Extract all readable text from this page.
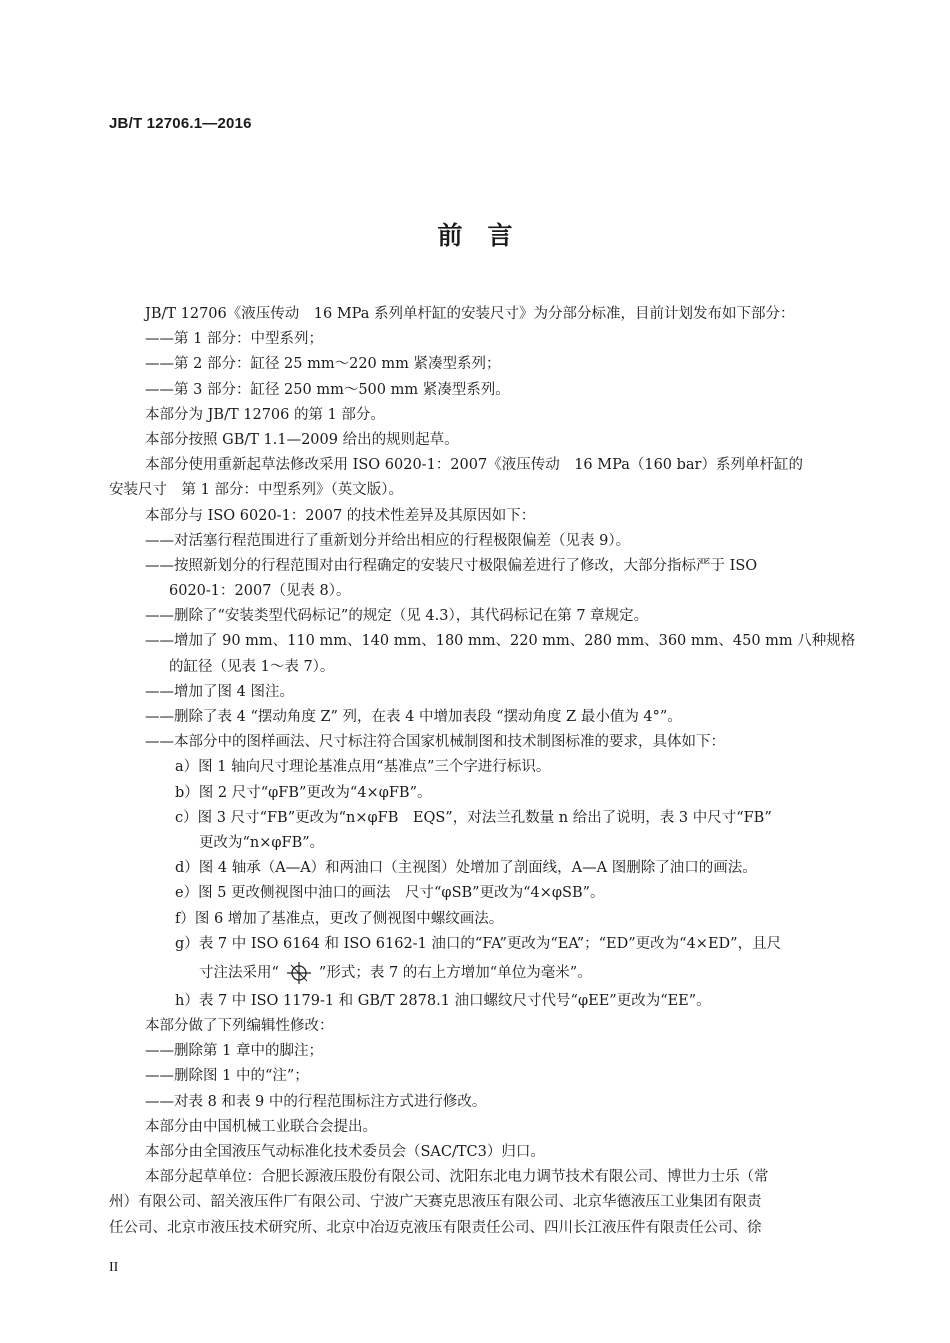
JB/T 12706.1—2016
前　言
JB/T 12706《液压传动　16 MPa 系列单杆缸的安装尺寸》为分部分标准，目前计划发布如下部分：
——第 1 部分：中型系列；
——第 2 部分：缸径 25 mm～220 mm 紧凑型系列；
——第 3 部分：缸径 250 mm～500 mm 紧凑型系列。
本部分为 JB/T 12706 的第 1 部分。
本部分按照 GB/T 1.1—2009 给出的规则起草。
本部分使用重新起草法修改采用 ISO 6020-1：2007《液压传动　16 MPa（160 bar）系列单杆缸的
安装尺寸　第 1 部分：中型系列》（英文版）。
本部分与 ISO 6020-1：2007 的技术性差异及其原因如下：
——对活塞行程范围进行了重新划分并给出相应的行程极限偏差（见表 9）。
——按照新划分的行程范围对由行程确定的安装尺寸极限偏差进行了修改，大部分指标严于 ISO
6020-1：2007（见表 8）。
——删除了“安装类型代码标记”的规定（见 4.3），其代码标记在第 7 章规定。
——增加了 90 mm、110 mm、140 mm、180 mm、220 mm、280 mm、360 mm、450 mm 八种规格
的缸径（见表 1～表 7）。
——增加了图 4 图注。
——删除了表 4 “摆动角度 Z” 列，在表 4 中增加表段 “摆动角度 Z 最小值为 4°”。
——本部分中的图样画法、尺寸标注符合国家机械制图和技术制图标准的要求，具体如下：
a）图 1 轴向尺寸理论基准点用“基准点”三个字进行标识。
b）图 2 尺寸“φFB”更改为“4×φFB”。
c）图 3 尺寸“FB”更改为“n×φFB　EQS”，对法兰孔数量 n 给出了说明，表 3 中尺寸“FB”
更改为“n×φFB”。
d）图 4 轴承（A—A）和两油口（主视图）处增加了剖面线，A—A 图删除了油口的画法。
e）图 5 更改侧视图中油口的画法　尺寸“φSB”更改为“4×φSB”。
f）图 6 增加了基准点，更改了侧视图中螺纹画法。
g）表 7 中 ISO 6164 和 ISO 6162-1 油口的“FA”更改为“EA”；“ED”更改为“4×ED”，且尺
寸注法采用“	”形式；表 7 的右上方增加“单位为毫米”。
h）表 7 中 ISO 1179-1 和 GB/T 2878.1 油口螺纹尺寸代号“φEE”更改为“EE”。
本部分做了下列编辑性修改：
——删除第 1 章中的脚注；
——删除图 1 中的“注”；
——对表 8 和表 9 中的行程范围标注方式进行修改。
本部分由中国机械工业联合会提出。
本部分由全国液压气动标准化技术委员会（SAC/TC3）归口。
本部分起草单位：合肥长源液压股份有限公司、沈阳东北电力调节技术有限公司、博世力士乐（常
州）有限公司、韶关液压件厂有限公司、宁波广天赛克思液压有限公司、北京华德液压工业集团有限责
任公司、北京市液压技术研究所、北京中冶迈克液压有限责任公司、四川长江液压件有限责任公司、徐
II
